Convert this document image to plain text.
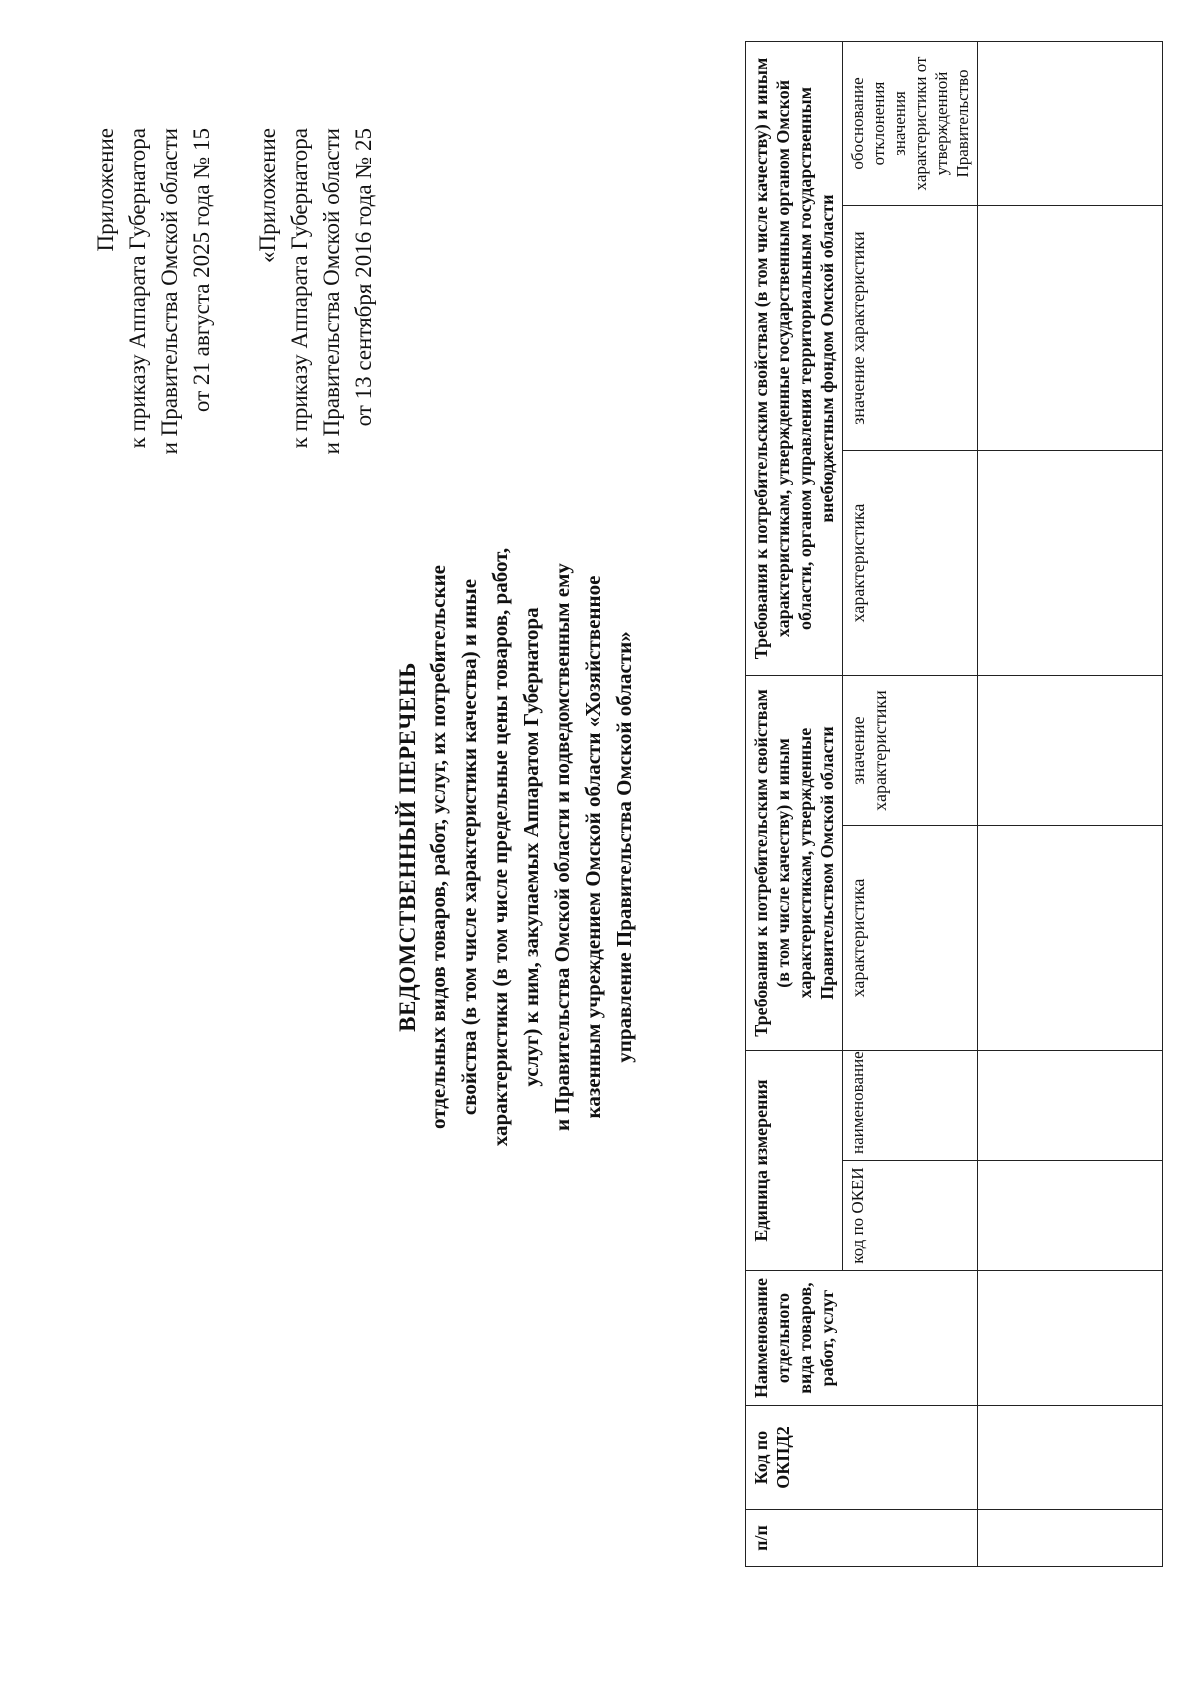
Приложение к приказу Аппарата Губернатора и Правительства Омской области от 21 августа 2025 года № 15 «Приложение к приказу Аппарата Губернатора и Правительства Омской области от 13 сентября 2016 года № 25
ВЕДОМСТВЕННЫЙ ПЕРЕЧЕНЬ отдельных видов товаров, работ, услуг, их потребительские свойства (в том числе характеристики качества) и иные характеристики (в том числе предельные цены товаров, работ, услуг) к ним, закупаемых Аппаратом Губернатора и Правительства Омской области и подведомственным ему казенным учреждением Омской области «Хозяйственное управление Правительства Омской области»
п/п	Код по ОКПД2	Наименование отдельного вида товаров, работ, услуг	Единица измерения		Требования к потребительским свойствам (в том числе качеству) и иным характеристикам, утвержденные Правительством Омской области		Требования к потребительским свойствам (в том числе качеству) и иным характеристикам, утвержденные государственным органом Омской области, органом управления территориальным государственным внебюджетным фондом Омской области			
			код по ОКЕИ	наименование	характеристика	значение характеристики	характеристика	значение характеристики	обоснование отклонения значения характеристики от утвержденной Правительство	
